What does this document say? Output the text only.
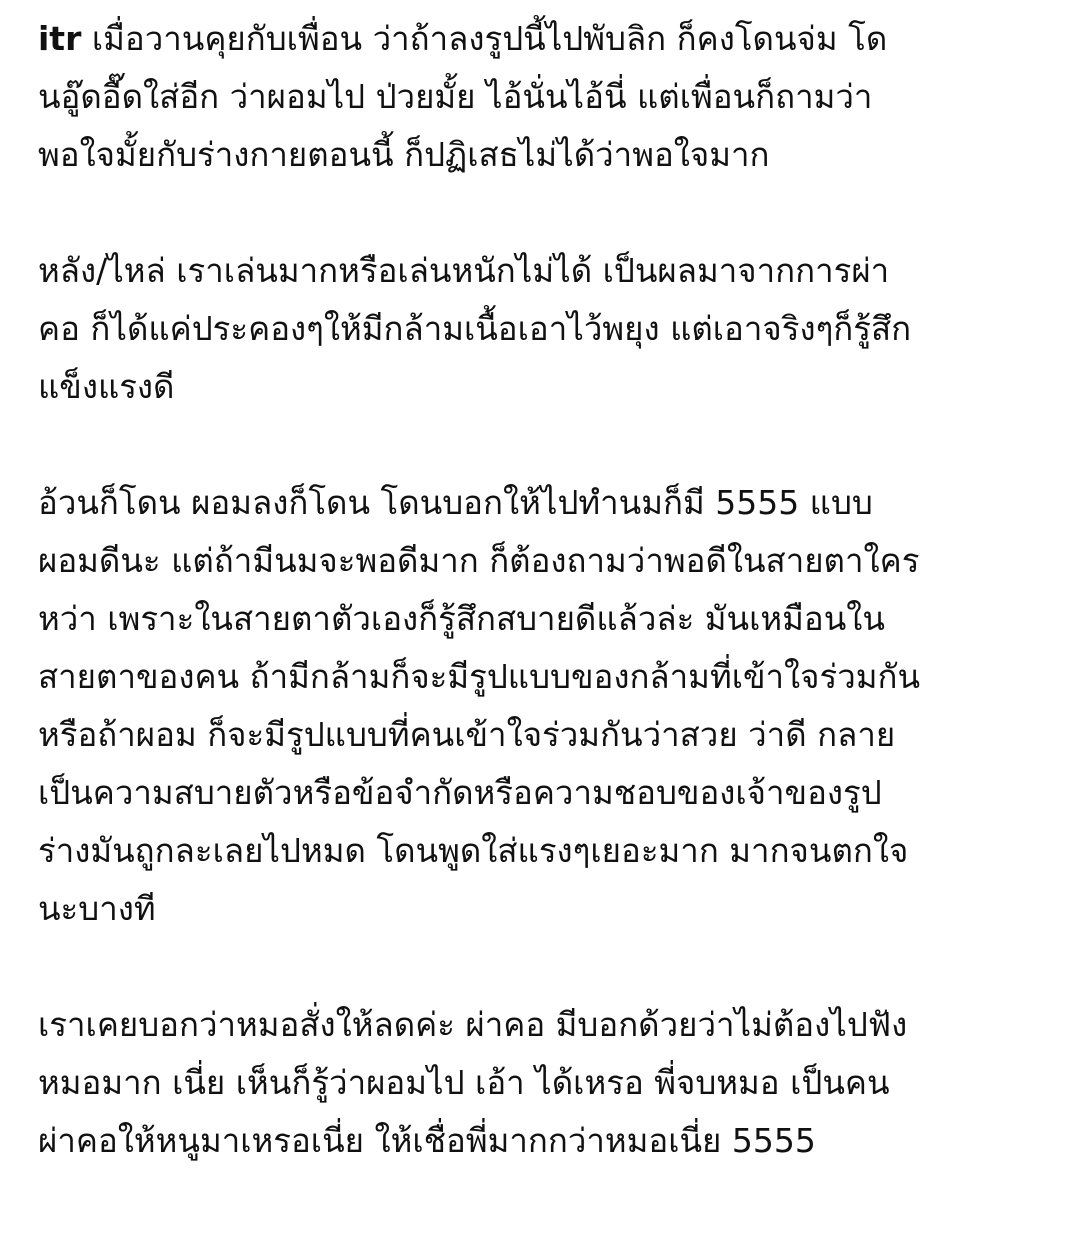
itr เมื่อวานคุยกับเพื่อน ว่าถ้าลงรูปนี้ไปพับลิก ก็คงโดนจ่ม โด
นอู๊ดอื๊ดใส่อีก ว่าผอมไป ป่วยมั้ย ไอ้นั่นไอ้นี่ แต่เพื่อนก็ถามว่า
พอใจมั้ยกับร่างกายตอนนี้ ก็ปฏิเสธไม่ได้ว่าพอใจมาก

หลัง/ไหล่ เราเล่นมากหรือเล่นหนักไม่ได้ เป็นผลมาจากการผ่า
คอ ก็ได้แค่ประคองๆให้มีกล้ามเนื้อเอาไว้พยุง แต่เอาจริงๆก็รู้สึก
แข็งแรงดี

อ้วนก็โดน ผอมลงก็โดน โดนบอกให้ไปทำนมก็มี 5555 แบบ
ผอมดีนะ แต่ถ้ามีนมจะพอดีมาก ก็ต้องถามว่าพอดีในสายตาใคร
หว่า เพราะในสายตาตัวเองก็รู้สึกสบายดีแล้วล่ะ มันเหมือนใน
สายตาของคน ถ้ามีกล้ามก็จะมีรูปแบบของกล้ามที่เข้าใจร่วมกัน
หรือถ้าผอม ก็จะมีรูปแบบที่คนเข้าใจร่วมกันว่าสวย ว่าดี กลาย
เป็นความสบายตัวหรือข้อจำกัดหรือความชอบของเจ้าของรูป
ร่างมันถูกละเลยไปหมด โดนพูดใส่แรงๆเยอะมาก มากจนตกใจ
นะบางที

เราเคยบอกว่าหมอสั่งให้ลดค่ะ ผ่าคอ มีบอกด้วยว่าไม่ต้องไปฟัง
หมอมาก เนี่ย เห็นก็รู้ว่าผอมไป เอ้า ได้เหรอ พี่จบหมอ เป็นคน
ผ่าคอให้หนูมาเหรอเนี่ย ให้เชื่อพี่มากกว่าหมอเนี่ย 5555
